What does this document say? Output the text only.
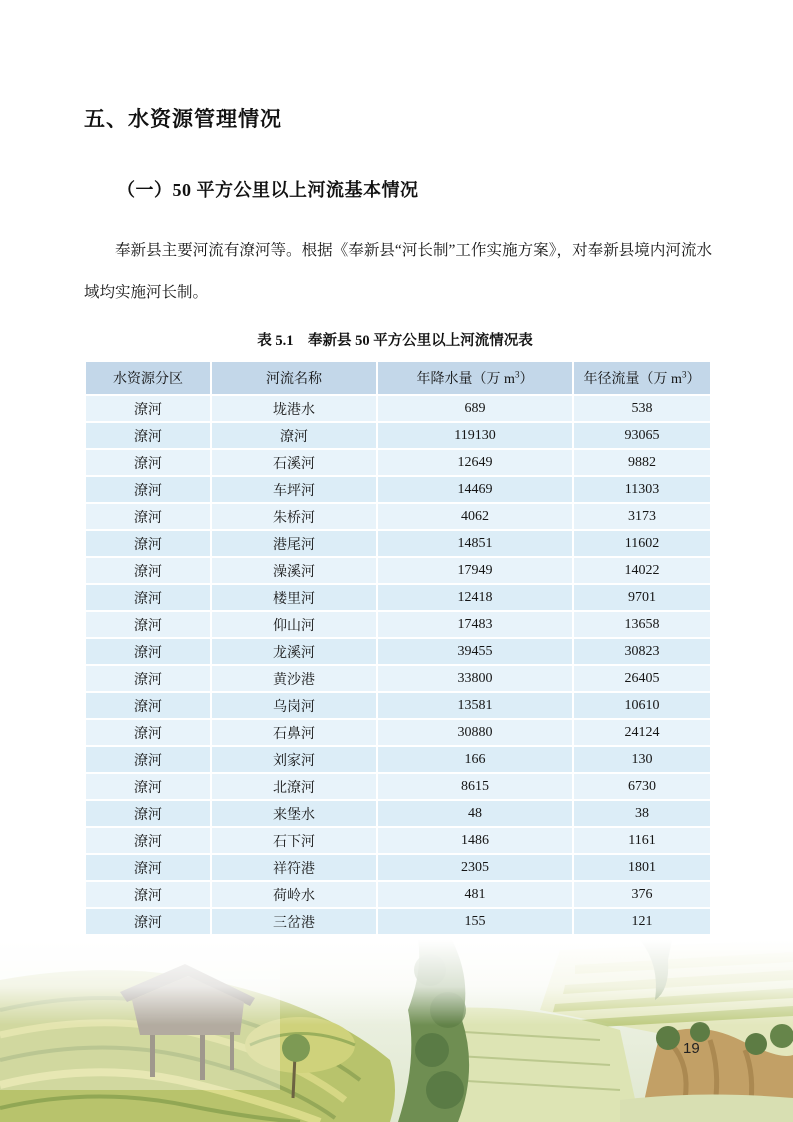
五、水资源管理情况
（一）50 平方公里以上河流基本情况
奉新县主要河流有潦河等。根据《奉新县“河长制”工作实施方案》，对奉新县境内河流水域均实施河长制。
表 5.1　奉新县 50 平方公里以上河流情况表
水资源分区	河流名称	年降水量（万 $m^3$）	年径流量（万 $m^3$）
潦河	垅港水	689	538
潦河	潦河	119130	93065
潦河	石溪河	12649	9882
潦河	车坪河	14469	11303
潦河	朱桥河	4062	3173
潦河	港尾河	14851	11602
潦河	澡溪河	17949	14022
潦河	楼里河	12418	9701
潦河	仰山河	17483	13658
潦河	龙溪河	39455	30823
潦河	黄沙港	33800	26405
潦河	乌岗河	13581	10610
潦河	石鼻河	30880	24124
潦河	刘家河	166	130
潦河	北潦河	8615	6730
潦河	来堡水	48	38
潦河	石下河	1486	1161
潦河	祥符港	2305	1801
潦河	荷岭水	481	376
潦河	三岔港	155	121
19
